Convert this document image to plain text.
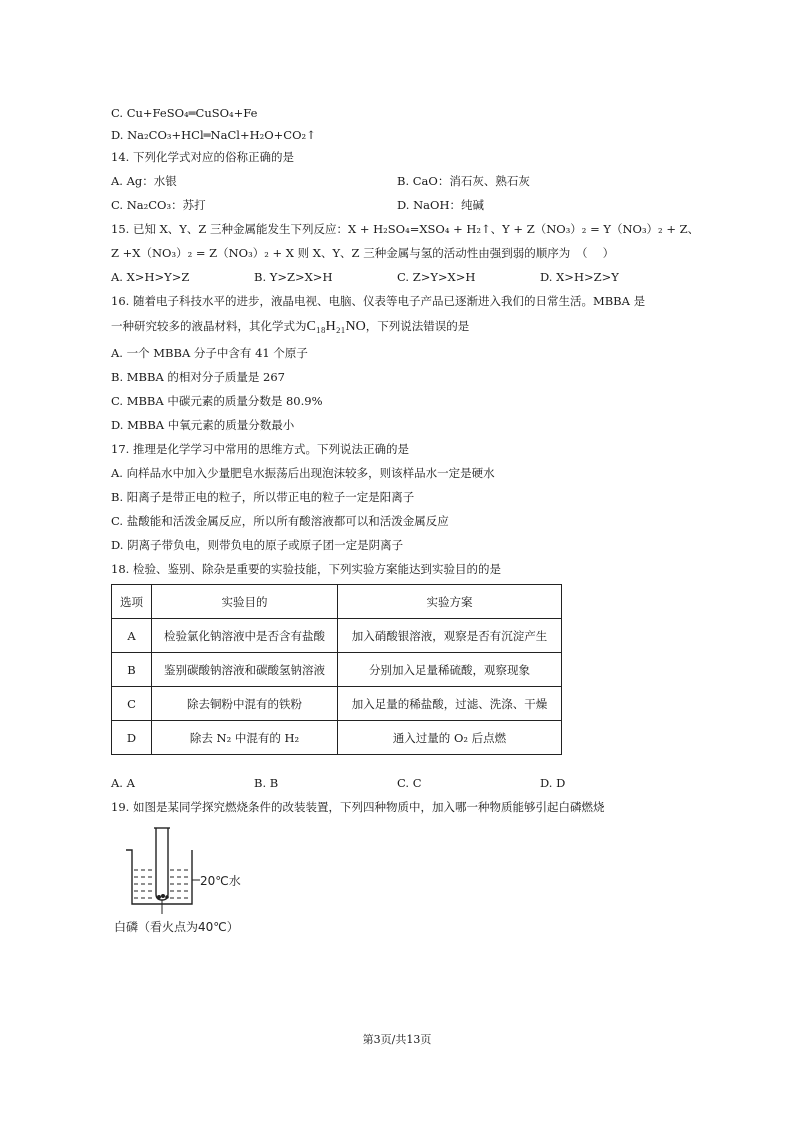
C. Cu+FeSO₄═CuSO₄+Fe
D. Na₂CO₃+HCl═NaCl+H₂O+CO₂↑
14. 下列化学式对应的俗称正确的是
A. Ag：水银	B. CaO：消石灰、熟石灰
C. Na₂CO₃：苏打	D. NaOH：纯碱
15. 已知 X、Y、Z 三种金属能发生下列反应：X + H₂SO₄=XSO₄ + H₂↑、Y + Z（NO₃）₂ = Y（NO₃）₂ + Z、
Z +X（NO₃）₂ = Z（NO₃）₂ + X 则 X、Y、Z 三种金属与氢的活动性由强到弱的顺序为　（　 ）
A. X>H>Y>Z	B. Y>Z>X>H	C. Z>Y>X>H	D. X>H>Z>Y
16. 随着电子科技水平的进步，液晶电视、电脑、仪表等电子产品已逐渐进入我们的日常生活。MBBA 是
一种研究较多的液晶材料，其化学式为C₁₈H₂₁NO，下列说法错误的是
A. 一个 MBBA 分子中含有 41 个原子
B. MBBA 的相对分子质量是 267
C. MBBA 中碳元素的质量分数是 80.9%
D. MBBA 中氧元素的质量分数最小
17. 推理是化学学习中常用的思维方式。下列说法正确的是
A. 向样品水中加入少量肥皂水振荡后出现泡沫较多，则该样品水一定是硬水
B. 阳离子是带正电的粒子，所以带正电的粒子一定是阳离子
C. 盐酸能和活泼金属反应，所以所有酸溶液都可以和活泼金属反应
D. 阴离子带负电，则带负电的原子或原子团一定是阴离子
18. 检验、鉴别、除杂是重要的实验技能，下列实验方案能达到实验目的的是
选项	实验目的	实验方案
A	检验氯化钠溶液中是否含有盐酸	加入硝酸银溶液，观察是否有沉淀产生
B	鉴别碳酸钠溶液和碳酸氢钠溶液	分别加入足量稀硫酸，观察现象
C	除去铜粉中混有的铁粉	加入足量的稀盐酸，过滤、洗涤、干燥
D	除去 N₂ 中混有的 H₂	通入过量的 O₂ 后点燃
A. A	B. B	C. C	D. D
19. 如图是某同学探究燃烧条件的改装装置，下列四种物质中，加入哪一种物质能够引起白磷燃烧
20℃水
白磷（看火点为40℃）
第3页/共13页
